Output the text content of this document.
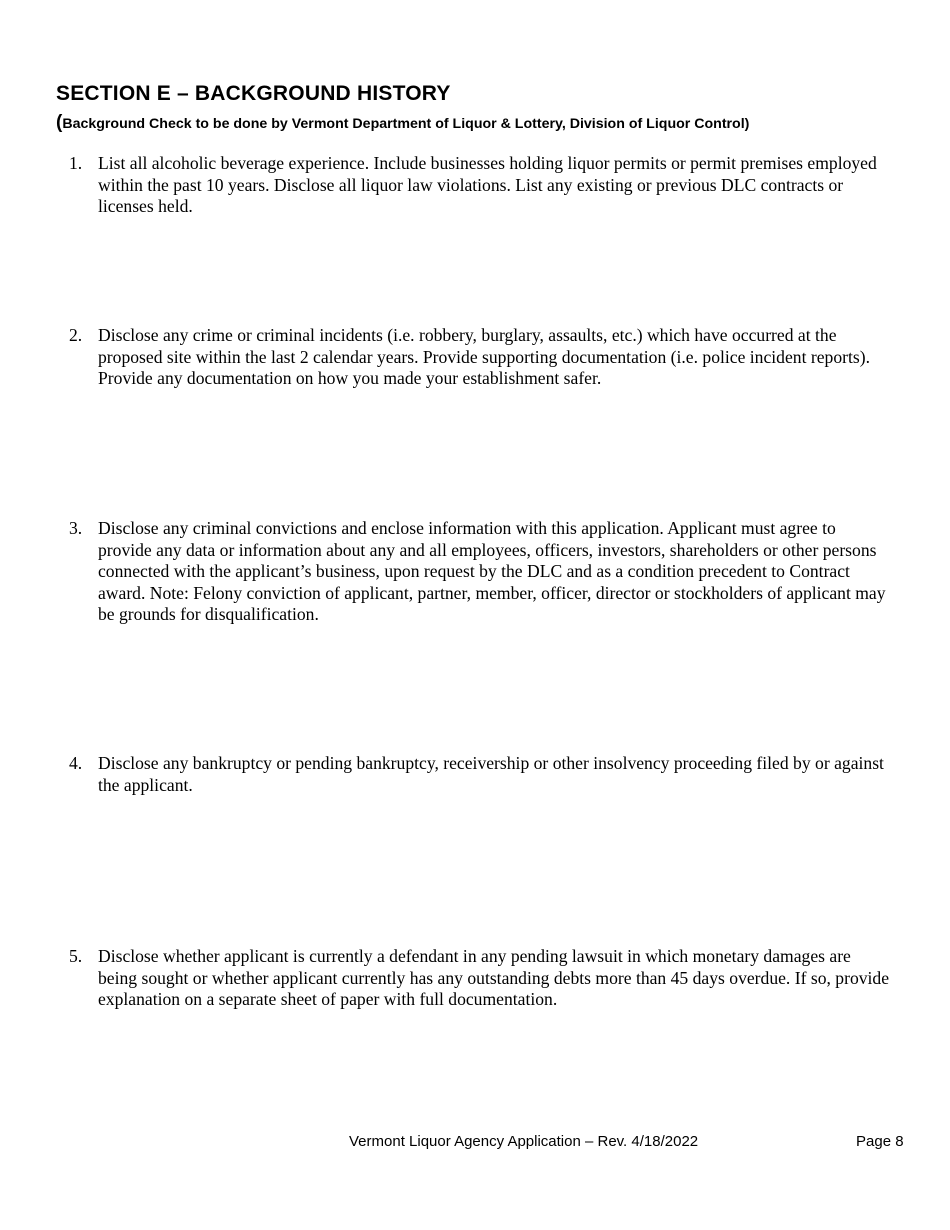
SECTION E – BACKGROUND HISTORY

(Background Check to be done by Vermont Department of Liquor & Lottery, Division of Liquor Control)

1. List all alcoholic beverage experience. Include businesses holding liquor permits or permit premises employed within the past 10 years. Disclose all liquor law violations. List any existing or previous DLC contracts or licenses held.
2. Disclose any crime or criminal incidents (i.e. robbery, burglary, assaults, etc.) which have occurred at the proposed site within the last 2 calendar years. Provide supporting documentation (i.e. police incident reports). Provide any documentation on how you made your establishment safer.
3. Disclose any criminal convictions and enclose information with this application. Applicant must agree to provide any data or information about any and all employees, officers, investors, shareholders or other persons connected with the applicant’s business, upon request by the DLC and as a condition precedent to Contract award. Note: Felony conviction of applicant, partner, member, officer, director or stockholders of applicant may be grounds for disqualification.
4. Disclose any bankruptcy or pending bankruptcy, receivership or other insolvency proceeding filed by or against the applicant.
5. Disclose whether applicant is currently a defendant in any pending lawsuit in which monetary damages are being sought or whether applicant currently has any outstanding debts more than 45 days overdue. If so, provide explanation on a separate sheet of paper with full documentation.
Vermont Liquor Agency Application – Rev. 4/18/2022	Page 8
